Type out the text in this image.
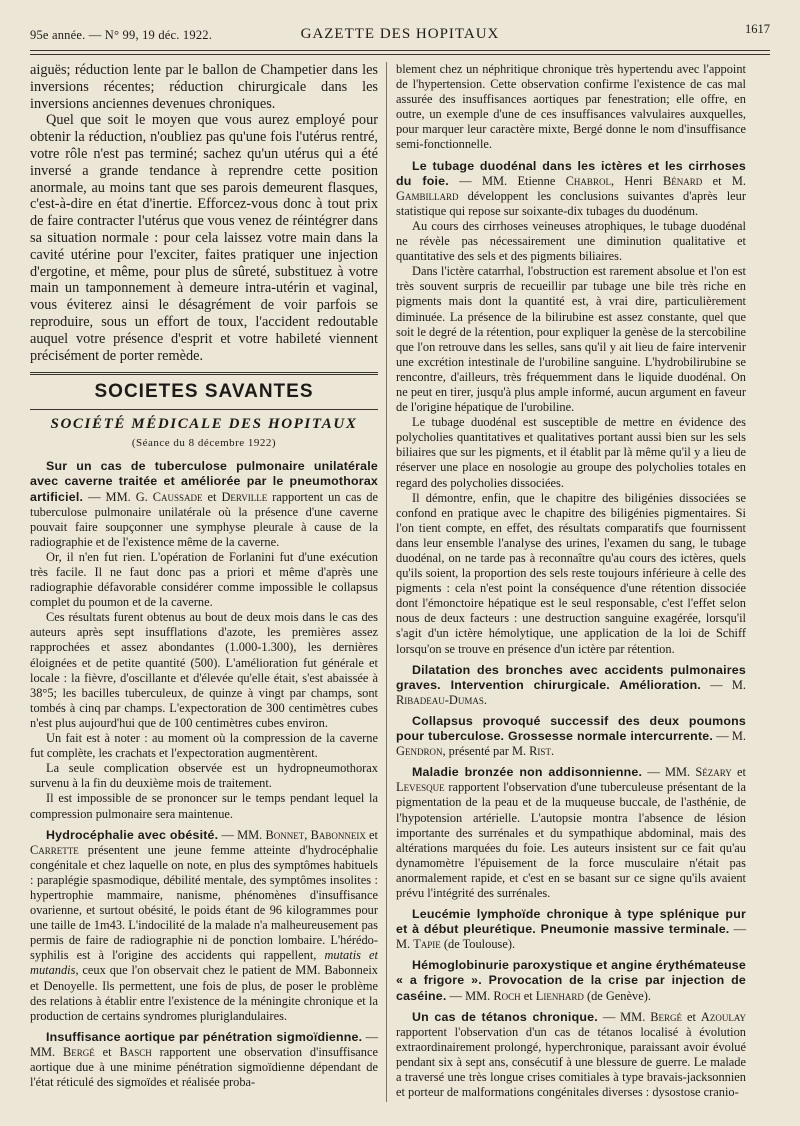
95e année. — N° 99, 19 déc. 1922.	GAZETTE DES HOPITAUX	1617

aiguës; réduction lente par le ballon de Champetier dans les inversions récentes; réduction chirurgicale dans les inversions anciennes devenues chroniques.

Quel que soit le moyen que vous aurez employé pour obtenir la réduction, n'oubliez pas qu'une fois l'utérus rentré, votre rôle n'est pas terminé; sachez qu'un utérus qui a été inversé a grande tendance à reprendre cette position anormale, au moins tant que ses parois demeurent flasques, c'est-à-dire en état d'inertie. Efforcez-vous donc à tout prix de faire contracter l'utérus que vous venez de réintégrer dans sa situation normale : pour cela laissez votre main dans la cavité utérine pour l'exciter, faites pratiquer une injection d'ergotine, et même, pour plus de sûreté, substituez à votre main un tamponnement à demeure intra-utérin et vaginal, vous éviterez ainsi le désagrément de voir parfois se reproduire, sous un effort de toux, l'accident redoutable auquel votre présence d'esprit et votre habileté viennent précisément de porter remède.

SOCIETES SAVANTES
SOCIÉTÉ MÉDICALE DES HOPITAUX
(Séance du 8 décembre 1922)

Sur un cas de tuberculose pulmonaire unilatérale avec caverne traitée et améliorée par le pneumothorax artificiel. — MM. G. Caussade et Derville rapportent un cas de tuberculose pulmonaire unilatérale où la présence d'une caverne pouvait faire soupçonner une symphyse pleurale à cause de la radiographie et de l'existence même de la caverne.

Or, il n'en fut rien. L'opération de Forlanini fut d'une exécution très facile. Il ne faut donc pas a priori et même d'après une radiographie défavorable considérer comme impossible le collapsus complet du poumon et de la caverne.

Ces résultats furent obtenus au bout de deux mois dans le cas des auteurs après sept insufflations d'azote, les premières assez rapprochées et assez abondantes (1.000-1.300), les dernières éloignées et de petite quantité (500). L'amélioration fut générale et locale : la fièvre, d'oscillante et d'élevée qu'elle était, s'est abaissée à 38°5; les bacilles tuberculeux, de quinze à vingt par champs, sont tombés à cinq par champs. L'expectoration de 300 centimètres cubes n'est plus aujourd'hui que de 100 centimètres cubes environ.

Un fait est à noter : au moment où la compression de la caverne fut complète, les crachats et l'expectoration augmentèrent.

La seule complication observée est un hydropneumothorax survenu à la fin du deuxième mois de traitement.

Il est impossible de se prononcer sur le temps pendant lequel la compression pulmonaire sera maintenue.

Hydrocéphalie avec obésité. — MM. Bonnet, Babonneix et Carrette présentent une jeune femme atteinte d'hydrocéphalie congénitale et chez laquelle on note, en plus des symptômes habituels : paraplégie spasmodique, débilité mentale, des symptômes insolites : hypertrophie mammaire, nanisme, phénomènes d'insuffisance ovarienne, et surtout obésité, le poids étant de 96 kilogrammes pour une taille de 1m43. L'indocilité de la malade n'a malheureusement pas permis de faire de radiographie ni de ponction lombaire. L'hérédo-syphilis est à l'origine des accidents qui rappellent, mutatis et mutandis, ceux que l'on observait chez le patient de MM. Babonneix et Denoyelle. Ils permettent, une fois de plus, de poser le problème des relations à établir entre l'existence de la méningite chronique et la production de certains syndromes pluriglandulaires.

Insuffisance aortique par pénétration sigmoïdienne. — MM. Bergé et Basch rapportent une observation d'insuffisance aortique due à une minime pénétration sigmoïdienne dépendant de l'état réticulé des sigmoïdes et réalisée proba-

blement chez un néphritique chronique très hypertendu avec l'appoint de l'hypertension. Cette observation confirme l'existence de cas mal assurée des insuffisances aortiques par fenestration; elle offre, en outre, un exemple d'une de ces insuffisances valvulaires auxquelles, pour marquer leur caractère mixte, Bergé donne le nom d'insuffisance semi-fonctionnelle.

Le tubage duodénal dans les ictères et les cirrhoses du foie. — MM. Etienne Chabrol, Henri Bénard et M. Gambillard développent les conclusions suivantes d'après leur statistique qui repose sur soixante-dix tubages du duodénum.

Au cours des cirrhoses veineuses atrophiques, le tubage duodénal ne révèle pas nécessairement une diminution qualitative et quantitative des sels et des pigments biliaires.

Dans l'ictère catarrhal, l'obstruction est rarement absolue et l'on est très souvent surpris de recueillir par tubage une bile très riche en pigments mais dont la quantité est, à vrai dire, particulièrement diminuée. La présence de la bilirubine est assez constante, quel que soit le degré de la rétention, pour expliquer la genèse de la stercobiline que l'on retrouve dans les selles, sans qu'il y ait lieu de faire intervenir une excrétion intestinale de l'urobiline sanguine. L'hydrobilirubine se rencontre, d'ailleurs, très fréquemment dans le liquide duodénal. On ne peut en tirer, jusqu'à plus ample informé, aucun argument en faveur de l'origine hépatique de l'urobiline.

Le tubage duodénal est susceptible de mettre en évidence des polycholies quantitatives et qualitatives portant aussi bien sur les sels biliaires que sur les pigments, et il établit par là même qu'il y a lieu de réserver une place en nosologie au groupe des polycholies totales en regard des polycholies dissociées.

Il démontre, enfin, que le chapitre des biligénies dissociées se confond en pratique avec le chapitre des biligénies pigmentaires. Si l'on tient compte, en effet, des résultats comparatifs que fournissent dans leur ensemble l'analyse des urines, l'examen du sang, le tubage duodénal, on ne tarde pas à reconnaître qu'au cours des ictères, quels qu'ils soient, la proportion des sels reste toujours inférieure à celle des pigments : cela n'est point la conséquence d'une rétention dissociée dont l'émonctoire hépatique est le seul responsable, c'est l'effet selon nous de deux facteurs : une destruction sanguine exagérée, lorsqu'il s'agit d'un ictère hémolytique, une application de la loi de Schiff lorsqu'on se trouve en présence d'un ictère par rétention.

Dilatation des bronches avec accidents pulmonaires graves. Intervention chirurgicale. Amélioration. — M. Ribadeau-Dumas.

Collapsus provoqué successif des deux poumons pour tuberculose. Grossesse normale intercurrente. — M. Gendron, présenté par M. Rist.

Maladie bronzée non addisonnienne. — MM. Sézary et Levesque rapportent l'observation d'une tuberculeuse présentant de la pigmentation de la peau et de la muqueuse buccale, de l'asthénie, de l'hypotension artérielle. L'autopsie montra l'absence de lésion importante des surrénales et du sympathique abdominal, mais des altérations marquées du foie. Les auteurs insistent sur ce fait qu'au dynamomètre l'épuisement de la force musculaire n'était pas anormalement rapide, et c'est en se basant sur ce signe qu'ils avaient prévu l'intégrité des surrénales.

Leucémie lymphoïde chronique à type splénique pur et à début pleurétique. Pneumonie massive terminale. — M. Tapie (de Toulouse).

Hémoglobinurie paroxystique et angine érythémateuse « a frigore ». Provocation de la crise par injection de caséine. — MM. Roch et Lienhard (de Genève).

Un cas de tétanos chronique. — MM. Bergé et Azoulay rapportent l'observation d'un cas de tétanos localisé à évolution extraordinairement prolongé, hyperchronique, paraissant avoir évolué pendant six à sept ans, consécutif à une blessure de guerre. Le malade a traversé une très longue crises comitiales à type bravais-jacksonnien et porteur de malformations congénitales diverses : dysostose cranio-
